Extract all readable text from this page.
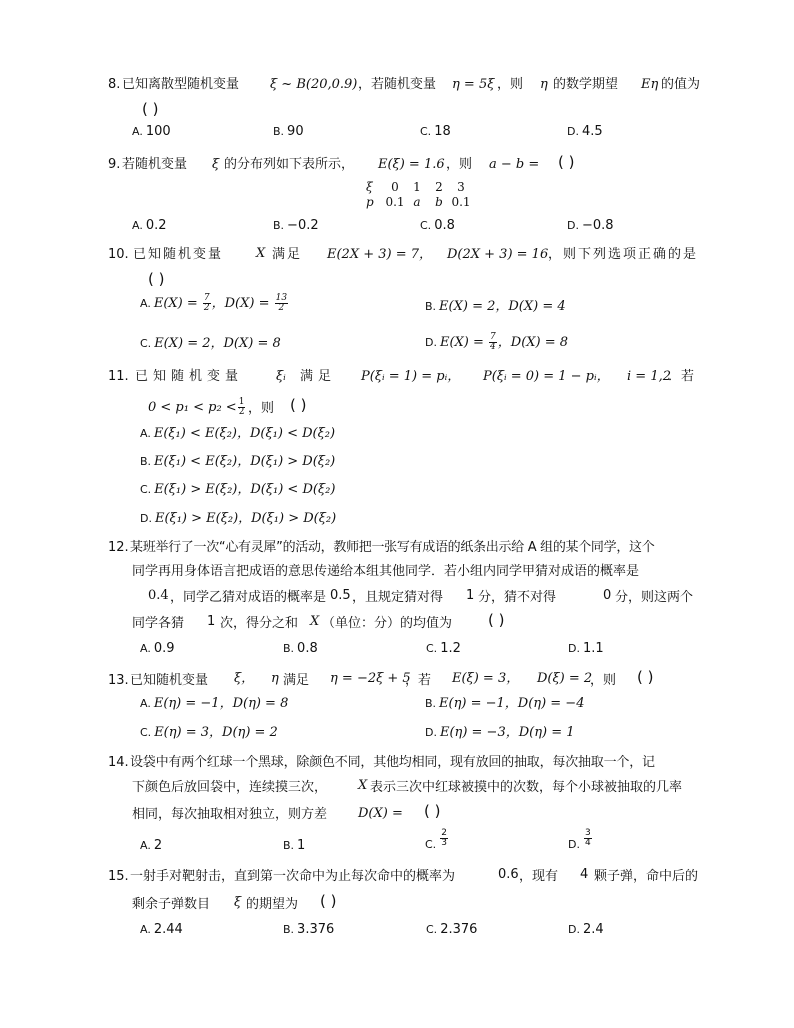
8. 已知离散型随机变量 ξ ~ B(20,0.9) ，若随机变量 η = 5ξ ，则 η 的数学期望 Eη 的值为
( )
A. 100	B. 90	C. 18	D. 4.5
9. 若随机变量 ξ 的分布列如下表所示， E(ξ) = 1.6 ，则 a − b = ( )
ξ 0 1 2 3
p 0.1 a b 0.1
A. 0.2	B. −0.2	C. 0.8	D. −0.8
10. 已知随机变量	X 满足 E(2X + 3) = 7， D(2X + 3) = 16 ，则下列选项正确的是
( )
A. $E(X) = \frac{7}{2}$ ，$D(X) = \frac{13}{2}$	B. E(X) = 2，D(X) = 4
C. E(X) = 2，D(X) = 8	D. $E(X) = \frac{7}{4}$ ，D(X) = 8
11. 已知随机变量	ξᵢ 满足 P(ξᵢ = 1) = pᵢ， P(ξᵢ = 0) = 1 − pᵢ， i = 1,2
．若
$0 < p_1 < p_2 < \frac{1}{2}$ ，则 ( )
A. E(ξ₁) < E(ξ₂)，D(ξ₁) < D(ξ₂)
B. E(ξ₁) < E(ξ₂)，D(ξ₁) > D(ξ₂)
C. E(ξ₁) > E(ξ₂)，D(ξ₁) < D(ξ₂)
D. E(ξ₁) > E(ξ₂)，D(ξ₁) > D(ξ₂)
12. 某班举行了一次“心有灵犀”的活动，教师把一张写有成语的纸条出示给 A 组的某个同学，这个
同学再用身体语言把成语的意思传递给本组其他同学．若小组内同学甲猜对成语的概率是
0.4 ，同学乙猜对成语的概率是 0.5 ，且规定猜对得 1 分，猜不对得	0 分，则这两个
同学各猜 1 次，得分之和 X （单位：分）的均值为 ( )
A. 0.9	B. 0.8	C. 1.2	D. 1.1
13. 已知随机变量 ξ， η 满足 η = −2ξ + 5
，若 E(ξ) = 3， D(ξ) = 2
，则 ( )
A. E(η) = −1，D(η) = 8	B. E(η) = −1，D(η) = −4
C. E(η) = 3，D(η) = 2	D. E(η) = −3，D(η) = 1
14. 设袋中有两个红球一个黑球，除颜色不同，其他均相同，现有放回的抽取，每次抽取一个，记
下颜色后放回袋中，连续摸三次， X 表示三次中红球被摸中的次数，每个小球被抽取的几率
相同，每次抽取相对独立，则方差 D(X) = ( )
A. 2	B. 1	$_{C.} \frac{2}{3}$	$_{D.} \frac{3}{4}$
15. 一射手对靶射击，直到第一次命中为止每次命中的概率为	0.6 ，现有 4 颗子弹，命中后的
剩余子弹数目 ξ 的期望为 ( )
A. 2.44	B. 3.376	C. 2.376	D. 2.4
